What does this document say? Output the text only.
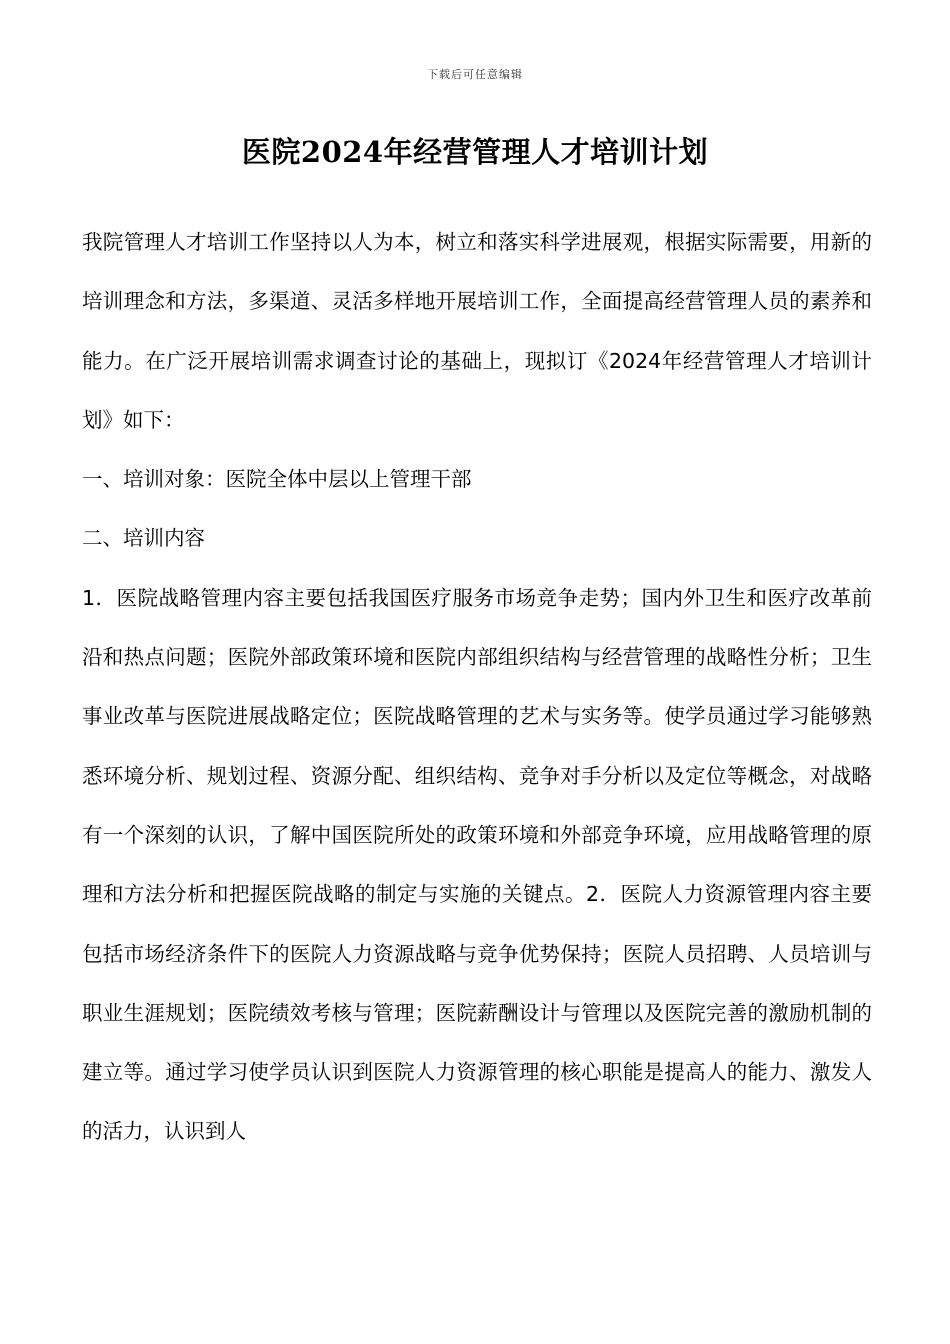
下载后可任意编辑
医院2024年经营管理人才培训计划

我院管理人才培训工作坚持以人为本，树立和落实科学进展观，根据实际需要，用新的培训理念和方法，多渠道、灵活多样地开展培训工作，全面提高经营管理人员的素养和能力。在广泛开展培训需求调查讨论的基础上，现拟订《2024年经营管理人才培训计划》如下：

一、培训对象：医院全体中层以上管理干部

二、培训内容

1．医院战略管理内容主要包括我国医疗服务市场竞争走势；国内外卫生和医疗改革前沿和热点问题；医院外部政策环境和医院内部组织结构与经营管理的战略性分析；卫生事业改革与医院进展战略定位；医院战略管理的艺术与实务等。使学员通过学习能够熟悉环境分析、规划过程、资源分配、组织结构、竞争对手分析以及定位等概念，对战略有一个深刻的认识，了解中国医院所处的政策环境和外部竞争环境，应用战略管理的原理和方法分析和把握医院战略的制定与实施的关键点。2．医院人力资源管理内容主要包括市场经济条件下的医院人力资源战略与竞争优势保持；医院人员招聘、人员培训与职业生涯规划；医院绩效考核与管理；医院薪酬设计与管理以及医院完善的激励机制的建立等。通过学习使学员认识到医院人力资源管理的核心职能是提高人的能力、激发人的活力，认识到人
